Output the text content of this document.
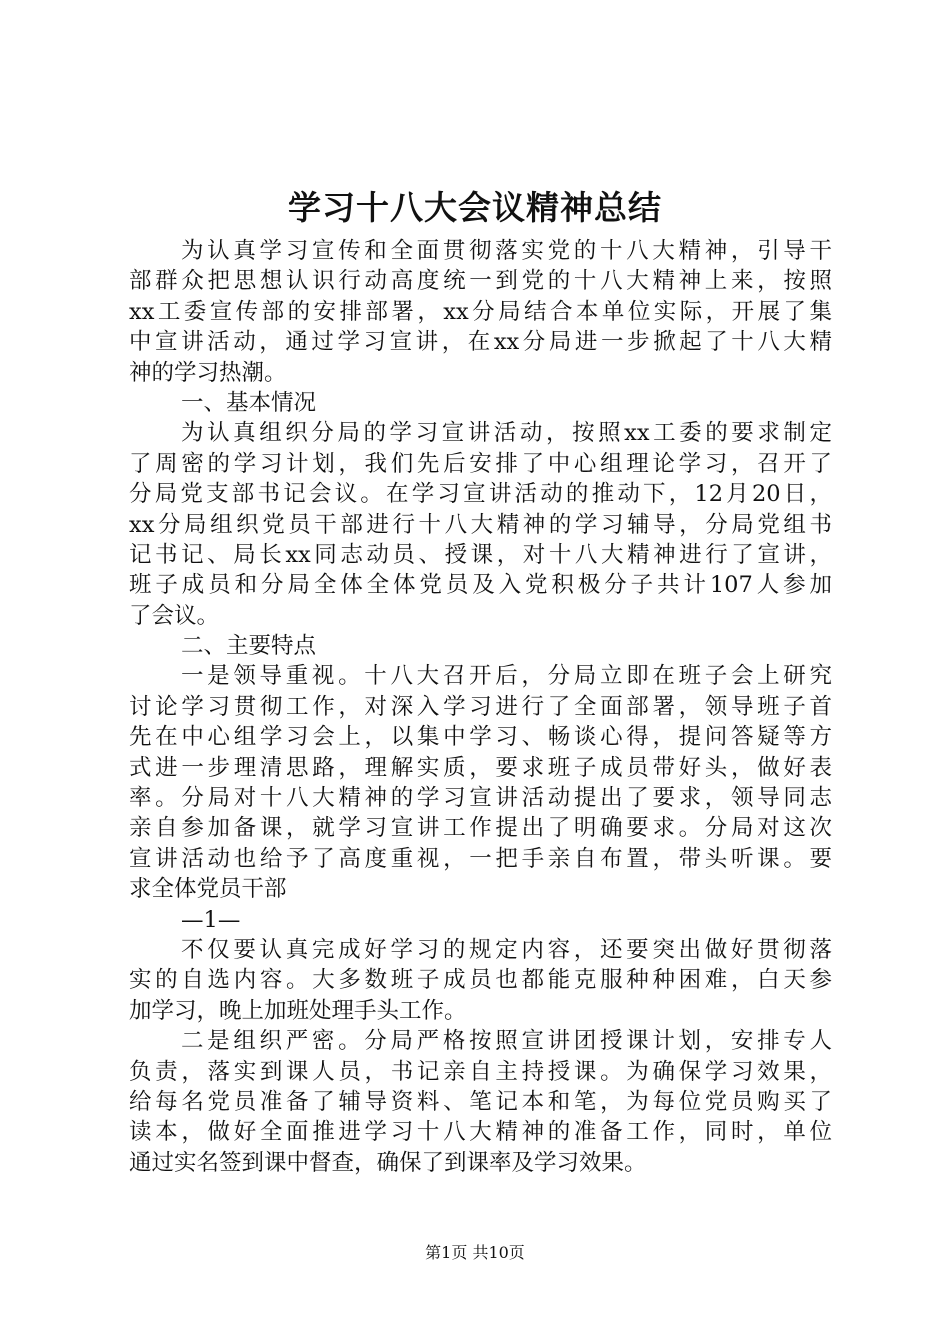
学习十八大会议精神总结
为认真学习宣传和全面贯彻落实党的十八大精神，引导干
部群众把思想认识行动高度统一到党的十八大精神上来，按照
xx工委宣传部的安排部署，xx分局结合本单位实际，开展了集
中宣讲活动，通过学习宣讲，在xx分局进一步掀起了十八大精
神的学习热潮。
一、基本情况
为认真组织分局的学习宣讲活动，按照xx工委的要求制定
了周密的学习计划，我们先后安排了中心组理论学习，召开了
分局党支部书记会议。在学习宣讲活动的推动下，12月20日，
xx分局组织党员干部进行十八大精神的学习辅导，分局党组书
记书记、局长xx同志动员、授课，对十八大精神进行了宣讲，
班子成员和分局全体全体党员及入党积极分子共计107人参加
了会议。
二、主要特点
一是领导重视。十八大召开后，分局立即在班子会上研究
讨论学习贯彻工作，对深入学习进行了全面部署，领导班子首
先在中心组学习会上，以集中学习、畅谈心得，提问答疑等方
式进一步理清思路，理解实质，要求班子成员带好头，做好表
率。分局对十八大精神的学习宣讲活动提出了要求，领导同志
亲自参加备课，就学习宣讲工作提出了明确要求。分局对这次
宣讲活动也给予了高度重视，一把手亲自布置，带头听课。要
求全体党员干部
—1—
不仅要认真完成好学习的规定内容，还要突出做好贯彻落
实的自选内容。大多数班子成员也都能克服种种困难，白天参
加学习，晚上加班处理手头工作。
二是组织严密。分局严格按照宣讲团授课计划，安排专人
负责，落实到课人员，书记亲自主持授课。为确保学习效果，
给每名党员准备了辅导资料、笔记本和笔，为每位党员购买了
读本，做好全面推进学习十八大精神的准备工作，同时，单位
通过实名签到课中督查，确保了到课率及学习效果。

第1页 共10页
